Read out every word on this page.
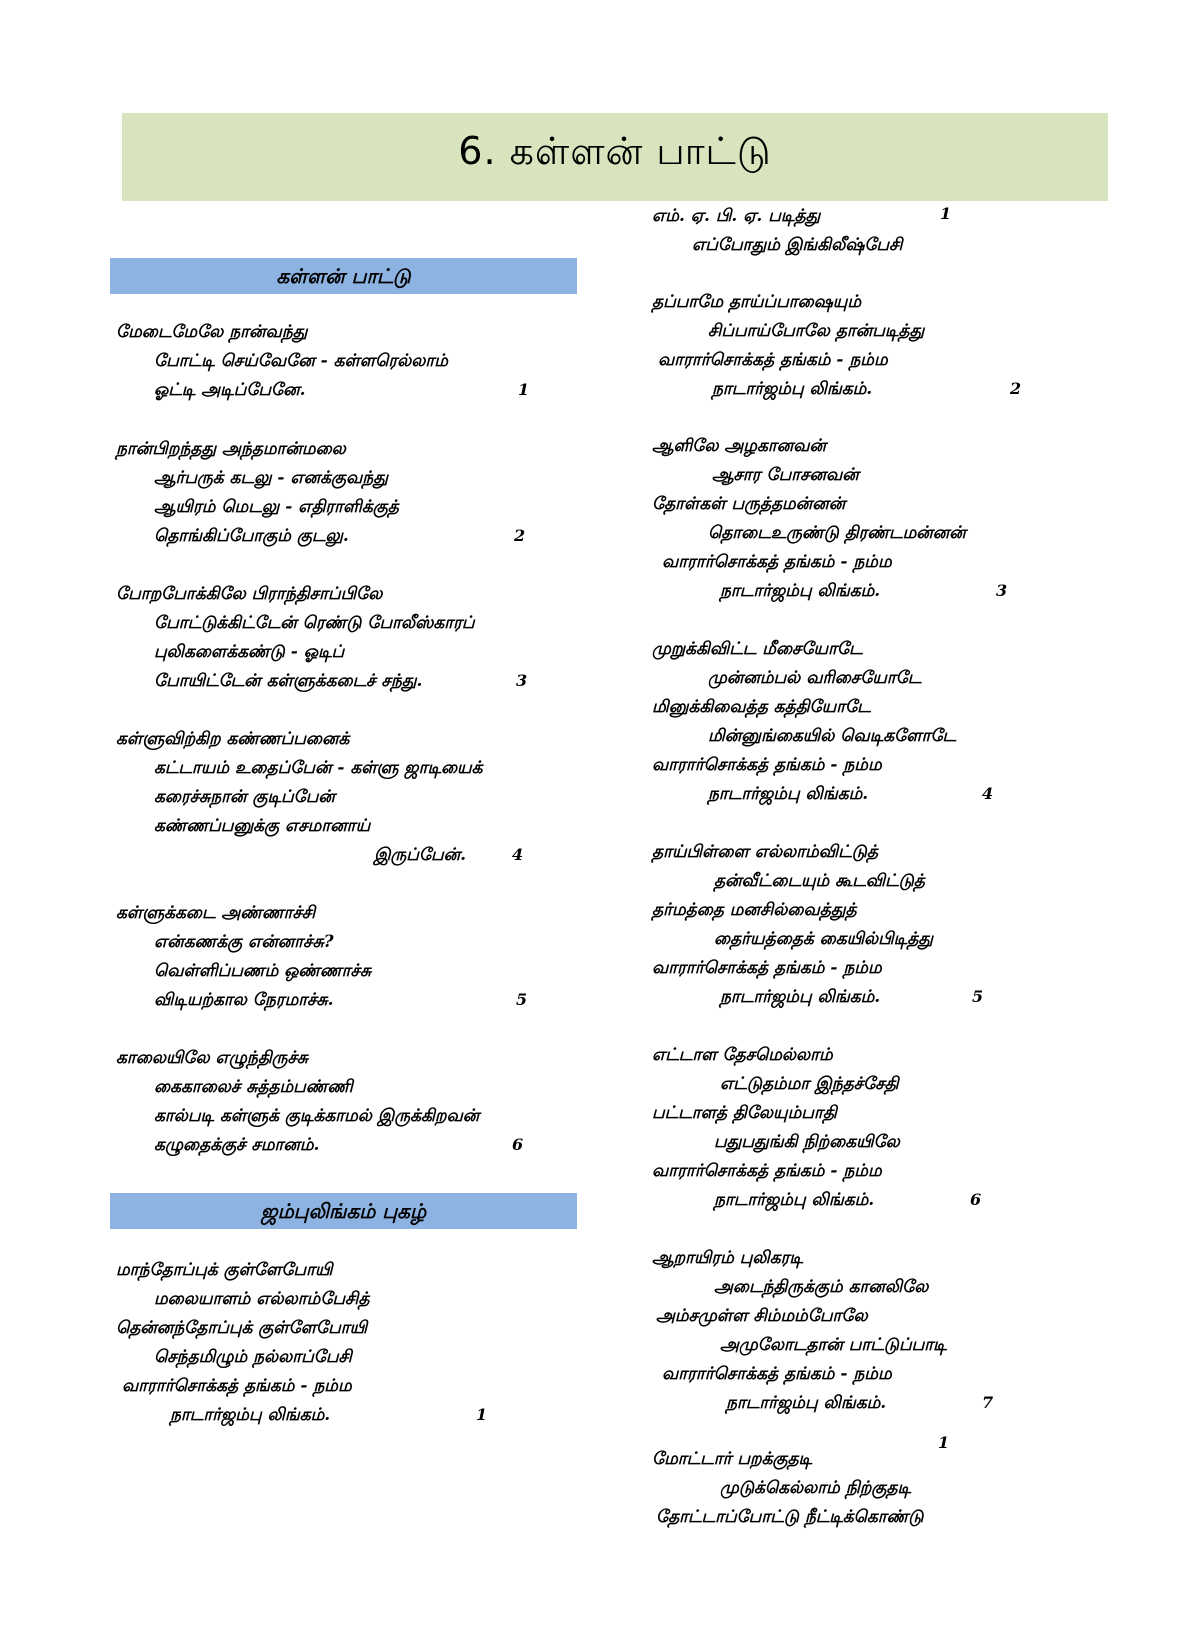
6. கள்ளன் பாட்டு
கள்ளன் பாட்டு
மேடைமேலே நான்வந்து
போட்டி செய்வேனே - கள்ளரெல்லாம்
ஓட்டி அடிப்பேனே.	1
நான்பிறந்தது அந்தமான்மலை
ஆர்பருக் கடலு - எனக்குவந்து
ஆயிரம் மெடலு - எதிராளிக்குத்
தொங்கிப்போகும் குடலு.	2
போறபோக்கிலே பிராந்திசாப்பிலே
போட்டுக்கிட்டேன் ரெண்டு போலீஸ்காரப்
புலிகளைக்கண்டு - ஓடிப்
போயிட்டேன் கள்ளுக்கடைச் சந்து.	3
கள்ளுவிற்கிற கண்ணப்பனைக்
கட்டாயம் உதைப்பேன் - கள்ளு ஜாடியைக்
கரைச்சுநான் குடிப்பேன்
கண்ணப்பனுக்கு எசமானாய்
இருப்பேன்.	4
கள்ளுக்கடை அண்ணாச்சி
என்கணக்கு என்னாச்சு?
வெள்ளிப்பணம் ஒண்ணாச்சு
விடியற்கால நேரமாச்சு.	5
காலையிலே எழுந்திருச்சு
கைகாலைச் சுத்தம்பண்ணி
கால்படி கள்ளுக் குடிக்காமல் இருக்கிறவன்
கழுதைக்குச் சமானம்.	6
ஜம்புலிங்கம் புகழ்
மாந்தோப்புக் குள்ளேபோயி
மலையாளம் எல்லாம்பேசித்
தென்னந்தோப்புக் குள்ளேபோயி
செந்தமிழும் நல்லாப்பேசி
வாரார்சொக்கத் தங்கம் - நம்ம
நாடார்ஜம்பு லிங்கம்.	1
எம். ஏ. பி. ஏ. படித்து
எப்போதும் இங்கிலீஷ்பேசி
1
தப்பாமே தாய்ப்பாஷையும்
சிப்பாய்போலே தான்படித்து
வாரார்சொக்கத் தங்கம் - நம்ம
நாடார்ஜம்பு லிங்கம்.	2
ஆளிலே அழகானவன்
ஆசார போசனவன்
தோள்கள் பருத்தமன்னன்
தொடைஉருண்டு திரண்டமன்னன்
வாரார்சொக்கத் தங்கம் - நம்ம
நாடார்ஜம்பு லிங்கம்.	3
முறுக்கிவிட்ட மீசையோடே
முன்னம்பல் வரிசையோடே
மினுக்கிவைத்த கத்தியோடே
மின்னுங்கையில் வெடிகளோடே
வாரார்சொக்கத் தங்கம் - நம்ம
நாடார்ஜம்பு லிங்கம்.	4
தாய்பிள்ளை எல்லாம்விட்டுத்
தன்வீட்டையும் கூடவிட்டுத்
தர்மத்தை மனசில்வைத்துத்
தைர்யத்தைக் கையில்பிடித்து
வாரார்சொக்கத் தங்கம் - நம்ம
நாடார்ஜம்பு லிங்கம்.	5
எட்டாள தேசமெல்லாம்
எட்டுதம்மா இந்தச்சேதி
பட்டாளத் திலேயும்பாதி
பதுபதுங்கி நிற்கையிலே
வாரார்சொக்கத் தங்கம் - நம்ம
நாடார்ஜம்பு லிங்கம்.	6
ஆறாயிரம் புலிகரடி
அடைந்திருக்கும் கானலிலே
அம்சமுள்ள சிம்மம்போலே
அமுலோடதான் பாட்டுப்பாடி
வாரார்சொக்கத் தங்கம் - நம்ம
நாடார்ஜம்பு லிங்கம்.	7
1
மோட்டார் பறக்குதடி
முடுக்கெல்லாம் நிற்குதடி
தோட்டாப்போட்டு நீட்டிக்கொண்டு
